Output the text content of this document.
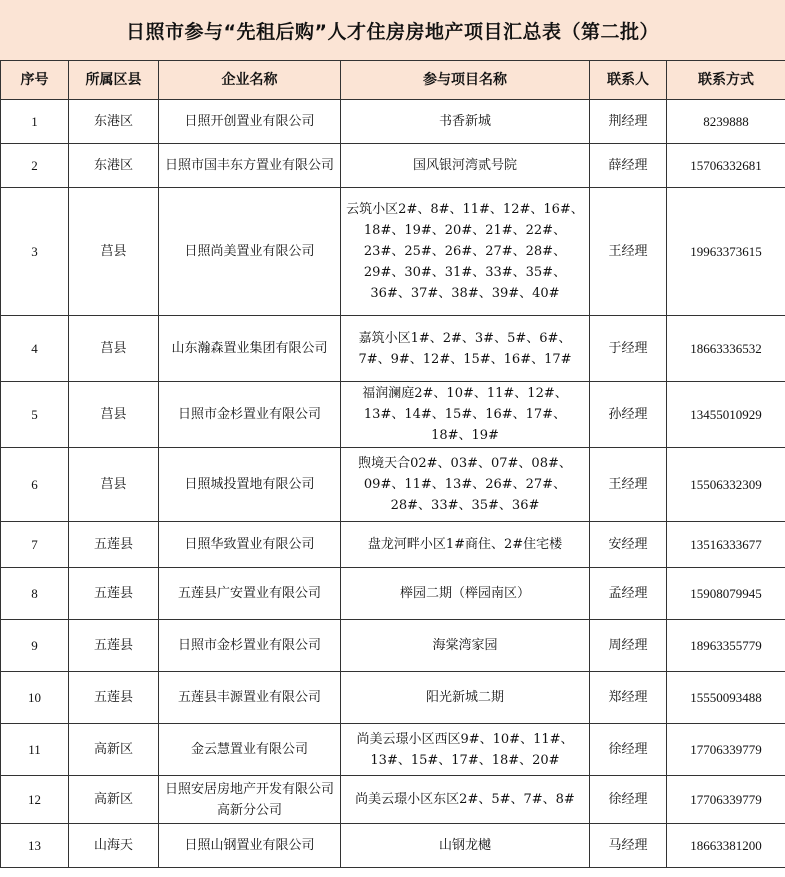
日照市参与“先租后购”人才住房房地产项目汇总表（第二批）
序号	所属区县	企业名称	参与项目名称	联系人	联系方式
1	东港区	日照开创置业有限公司	书香新城	荆经理	8239888
2	东港区	日照市国丰东方置业有限公司	国风银河湾贰号院	薛经理	15706332681
3	莒县	日照尚美置业有限公司	云筑小区2#、8#、11#、12#、16#、18#、19#、20#、21#、22#、23#、25#、26#、27#、28#、29#、30#、31#、33#、35#、36#、37#、38#、39#、40#	王经理	19963373615
4	莒县	山东瀚森置业集团有限公司	嘉筑小区1#、2#、3#、5#、6#、7#、9#、12#、15#、16#、17#	于经理	18663336532
5	莒县	日照市金杉置业有限公司	福润澜庭2#、10#、11#、12#、13#、14#、15#、16#、17#、18#、19#	孙经理	13455010929
6	莒县	日照城投置地有限公司	煦境天合02#、03#、07#、08#、09#、11#、13#、26#、27#、28#、33#、35#、36#	王经理	15506332309
7	五莲县	日照华致置业有限公司	盘龙河畔小区1#商住、2#住宅楼	安经理	13516333677
8	五莲县	五莲县广安置业有限公司	榉园二期（榉园南区）	孟经理	15908079945
9	五莲县	日照市金杉置业有限公司	海棠湾家园	周经理	18963355779
10	五莲县	五莲县丰源置业有限公司	阳光新城二期	郑经理	15550093488
11	高新区	金云慧置业有限公司	尚美云璟小区西区9#、10#、11#、13#、15#、17#、18#、20#	徐经理	17706339779
12	高新区	日照安居房地产开发有限公司高新分公司	尚美云璟小区东区2#、5#、7#、8#	徐经理	17706339779
13	山海天	日照山钢置业有限公司	山钢龙樾	马经理	18663381200
